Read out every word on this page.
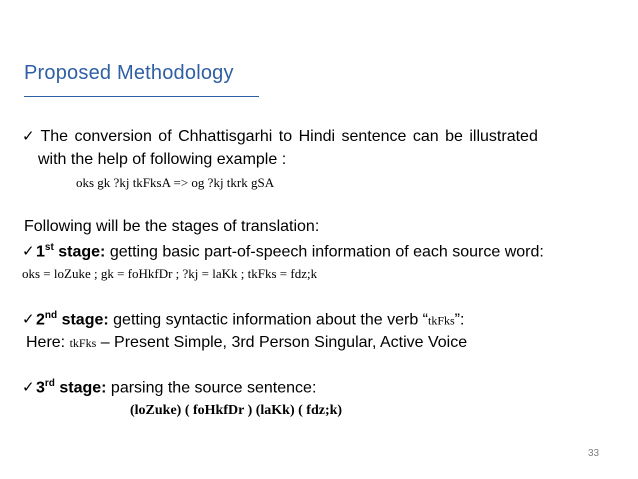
Proposed Methodology
✓ The conversion of Chhattisgarhi to Hindi sentence can be illustrated
with the help of following example :
oks gk ?kj tkFksA => og ?kj tkrk gSA
Following will be the stages of translation:
✓1st stage: getting basic part-of-speech information of each source word:
oks = loZuke ; gk = foHkfDr ; ?kj = laKk ; tkFks = fdz;k
✓2nd stage: getting syntactic information about the verb “tkFks”:
Here: tkFks – Present Simple, 3rd Person Singular, Active Voice
✓3rd stage: parsing the source sentence:
(loZuke) ( foHkfDr ) (laKk) ( fdz;k)
33
